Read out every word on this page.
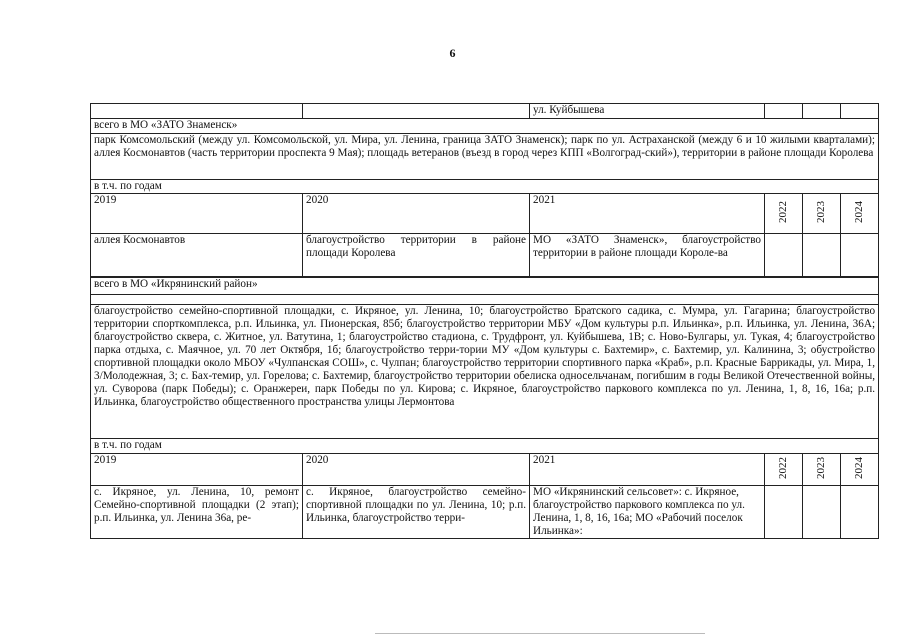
6
		ул. Куйбышева			
всего в МО «ЗАТО Знаменск»					
парк Комсомольский (между ул. Комсомольской, ул. Мира, ул. Ленина, граница ЗАТО Знаменск); парк по ул. Астраханской (между 6 и 10 жилыми кварталами); аллея Космонавтов (часть территории проспекта 9 Мая); площадь ветеранов (въезд в город через КПП «Волгоград-ский»), территории в районе площади Королева					
в т.ч. по годам					
2019	2020	2021	2022	2023	2024
аллея Космонавтов	благоустройство территории в районе площади Королева	МО «ЗАТО Знаменск», благоустройство территории в районе площади Короле-ва			
всего в МО «Икрянинский район»					

благоустройство семейно-спортивной площадки, с. Икряное, ул. Ленина, 10; благоустройство Братского садика, с. Мумра, ул. Гагарина; благоустройство территории спорткомплекса, р.п. Ильинка, ул. Пионерская, 85б; благоустройство территории МБУ «Дом культуры р.п. Ильинка», р.п. Ильинка, ул. Ленина, 36А; благоустройство сквера, с. Житное, ул. Ватутина, 1; благоустройство стадиона, с. Трудфронт, ул. Куйбышева, 1В; с. Ново-Булгары, ул. Тукая, 4; благоустройство парка отдыха, с. Маячное, ул. 70 лет Октября, 1б; благоустройство терри-тории МУ «Дом культуры с. Бахтемир», с. Бахтемир, ул. Калинина, 3; обустройство спортивной площадки около МБОУ «Чулпанская СОШ», с. Чулпан; благоустройство территории спортивного парка «Краб», р.п. Красные Баррикады, ул. Мира, 1, 3/Молодежная, 3; с. Бах-темир, ул. Горелова; с. Бахтемир, благоустройство территории обелиска односельчанам, погибшим в годы Великой Отечественной войны, ул. Суворова (парк Победы); с. Оранжереи, парк Победы по ул. Кирова; с. Икряное, благоустройство паркового комплекса по ул. Ленина, 1, 8, 16, 16а; р.п. Ильинка, благоустройство общественного пространства улицы Лермонтова					
в т.ч. по годам					
2019	2020	2021	2022	2023	2024
с. Икряное, ул. Ленина, 10, ремонт Семейно-спортивной площадки (2 этап); р.п. Ильинка, ул. Ленина 36а, ре-	с. Икряное, благоустройство семейно-спортивной площадки по ул. Ленина, 10; р.п. Ильинка, благоустройство терри-	МО «Икрянинский сельсовет»: с. Икряное, благоустройство паркового комплекса по ул. Ленина, 1, 8, 16, 16а; МО «Рабочий поселок Ильинка»:			
